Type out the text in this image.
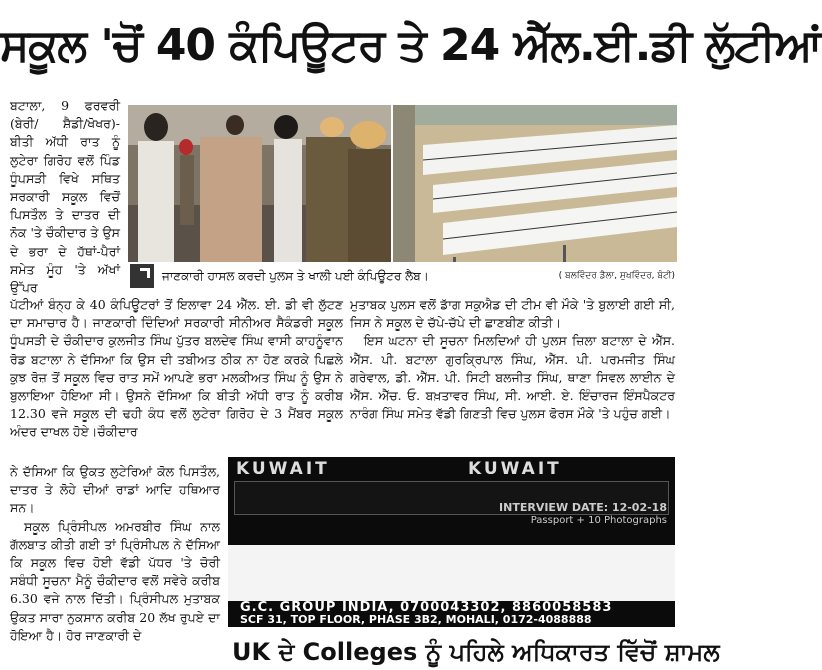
ਸਕੂਲ 'ਚੋਂ 40 ਕੰਪਿਊਟਰ ਤੇ 24 ਐੱਲ.ਈ.ਡੀ ਲੁੱਟੀਆਂ

ਬਟਾਲਾ, 9 ਫਰਵਰੀ (ਬੇਰੀ/ ਸ਼ੈਡੀ/ਖੋਖਰ)- ਬੀਤੀ ਅੱਧੀ ਰਾਤ ਨੂੰ ਲੁਟੇਰਾ ਗਿਰੋਹ ਵਲੋਂ ਪਿੰਡ ਧੂੰਪਸੜੀ ਵਿਖੇ ਸਥਿਤ ਸਰਕਾਰੀ ਸਕੂਲ ਵਿਚੋਂ ਪਿਸਤੌਲ ਤੇ ਦਾਤਰ ਦੀ ਨੋਕ 'ਤੇ ਚੌਕੀਦਾਰ ਤੇ ਉਸ ਦੇ ਭਰਾ ਦੇ ਹੱਥਾਂ-ਪੈਰਾਂ ਸਮੇਤ ਮੂੰਹ 'ਤੇ ਅੱਖਾਂ ਉੱਪਰ

ਜਾਣਕਾਰੀ ਹਾਸਲ ਕਰਦੀ ਪੁਲਸ ਤੇ ਖਾਲੀ ਪਈ ਕੰਪਿਊਟਰ ਲੈਬ।	( ਬਲਵਿੰਦਰ ਡੈਲਾ, ਸੁਖਵਿੰਦਰ, ਬੰਟੀ)

ਪੱਟੀਆਂ ਬੰਨ੍ਹ ਕੇ 40 ਕੰਪਿਊਟਰਾਂ ਤੋਂ ਇਲਾਵਾ 24 ਐੱਲ. ਈ. ਡੀ ਵੀ ਲੁੱਟਣ ਦਾ ਸਮਾਚਾਰ ਹੈ। ਜਾਣਕਾਰੀ ਦਿੰਦਿਆਂ ਸਰਕਾਰੀ ਸੀਨੀਅਰ ਸੈਕੰਡਰੀ ਸਕੂਲ ਧੂੰਪਸੜੀ ਦੇ ਚੌਕੀਦਾਰ ਕੁਲਜੀਤ ਸਿੰਘ ਪੁੱਤਰ ਬਲਦੇਵ ਸਿੰਘ ਵਾਸੀ ਕਾਹਨੂੰਵਾਨ ਰੋਡ ਬਟਾਲਾ ਨੇ ਦੱਸਿਆ ਕਿ ਉਸ ਦੀ ਤਬੀਅਤ ਠੀਕ ਨਾ ਹੋਣ ਕਰਕੇ ਪਿਛਲੇ ਕੁਝ ਰੋਜ਼ ਤੋਂ ਸਕੂਲ ਵਿਚ ਰਾਤ ਸਮੇਂ ਆਪਣੇ ਭਰਾ ਮਲਕੀਅਤ ਸਿੰਘ ਨੂੰ ਉਸ ਨੇ ਬੁਲਾਇਆ ਹੋਇਆ ਸੀ। ਉਸਨੇ ਦੱਸਿਆ ਕਿ ਬੀਤੀ ਅੱਧੀ ਰਾਤ ਨੂੰ ਕਰੀਬ 12.30 ਵਜੇ ਸਕੂਲ ਦੀ ਢਹੀ ਕੰਧ ਵਲੋਂ ਲੁਟੇਰਾ ਗਿਰੋਹ ਦੇ 3 ਮੈਂਬਰ ਸਕੂਲ ਅੰਦਰ ਦਾਖਲ ਹੋਏ।ਚੌਕੀਦਾਰ

ਨੇ ਦੱਸਿਆ ਕਿ ਉਕਤ ਲੁਟੇਰਿਆਂ ਕੋਲ ਪਿਸਤੌਲ, ਦਾਤਰ ਤੇ ਲੋਹੇ ਦੀਆਂ ਰਾਡਾਂ ਆਦਿ ਹਥਿਆਰ ਸਨ।

ਸਕੂਲ ਪ੍ਰਿੰਸੀਪਲ ਅਮਰਬੀਰ ਸਿੰਘ ਨਾਲ ਗੱਲਬਾਤ ਕੀਤੀ ਗਈ ਤਾਂ ਪ੍ਰਿੰਸੀਪਲ ਨੇ ਦੱਸਿਆ ਕਿ ਸਕੂਲ ਵਿਚ ਹੋਈ ਵੱਡੀ ਪੱਧਰ 'ਤੇ ਚੋਰੀ ਸਬੰਧੀ ਸੂਚਨਾ ਮੈਨੂੰ ਚੌਕੀਦਾਰ ਵਲੋਂ ਸਵੇਰੇ ਕਰੀਬ 6.30 ਵਜੇ ਨਾਲ ਦਿੱਤੀ। ਪ੍ਰਿੰਸੀਪਲ ਮੁਤਾਬਕ ਉਕਤ ਸਾਰਾ ਨੁਕਸਾਨ ਕਰੀਬ 20 ਲੱਖ ਰੁਪਏ ਦਾ ਹੋਇਆ ਹੈ। ਹੋਰ ਜਾਣਕਾਰੀ ਦੇ

ਮੁਤਾਬਕ ਪੁਲਸ ਵਲੋਂ ਡਾੱਗ ਸਕੁਐਡ ਦੀ ਟੀਮ ਵੀ ਮੌਕੇ 'ਤੇ ਬੁਲਾਈ ਗਈ ਸੀ, ਜਿਸ ਨੇ ਸਕੂਲ ਦੇ ਚੱਪੇ-ਚੱਪੇ ਦੀ ਛਾਣਬੀਣ ਕੀਤੀ।

ਇਸ ਘਟਨਾ ਦੀ ਸੂਚਨਾ ਮਿਲਦਿਆਂ ਹੀ ਪੁਲਸ ਜ਼ਿਲਾ ਬਟਾਲਾ ਦੇ ਐੱਸ. ਐੱਸ. ਪੀ. ਬਟਾਲਾ ਗੁਰਕ੍ਰਿਪਾਲ ਸਿੰਘ, ਐੱਸ. ਪੀ. ਪਰਮਜੀਤ ਸਿੰਘ ਗਰੇਵਾਲ, ਡੀ. ਐੱਸ. ਪੀ. ਸਿਟੀ ਬਲਜੀਤ ਸਿੰਘ, ਥਾਣਾ ਸਿਵਲ ਲਾਈਨ ਦੇ ਐੱਸ. ਐੱਚ. ਓ. ਬਖ਼ਤਾਵਰ ਸਿੰਘ, ਸੀ. ਆਈ. ਏ. ਇੰਚਾਰਜ ਇੰਸਪੈਕਟਰ ਨਾਰੰਗ ਸਿੰਘ ਸਮੇਤ ਵੱਡੀ ਗਿਣਤੀ ਵਿਚ ਪੁਲਸ ਫੋਰਸ ਮੌਕੇ 'ਤੇ ਪਹੁੰਚ ਗਈ।

KUWAIT	KUWAIT
INTERVIEW DATE: 12-02-18
Passport + 10 Photographs
G.C. GROUP INDIA, 0700043302, 8860058583
SCF 31, TOP FLOOR, PHASE 3B2, MOHALI, 0172-4088888
UK ਦੇ Colleges ਨੂੰ ਪਹਿਲੇ ਅਧਿਕਾਰਤ ਵਿੱਚੋਂ ਸ਼ਾਮਲ
